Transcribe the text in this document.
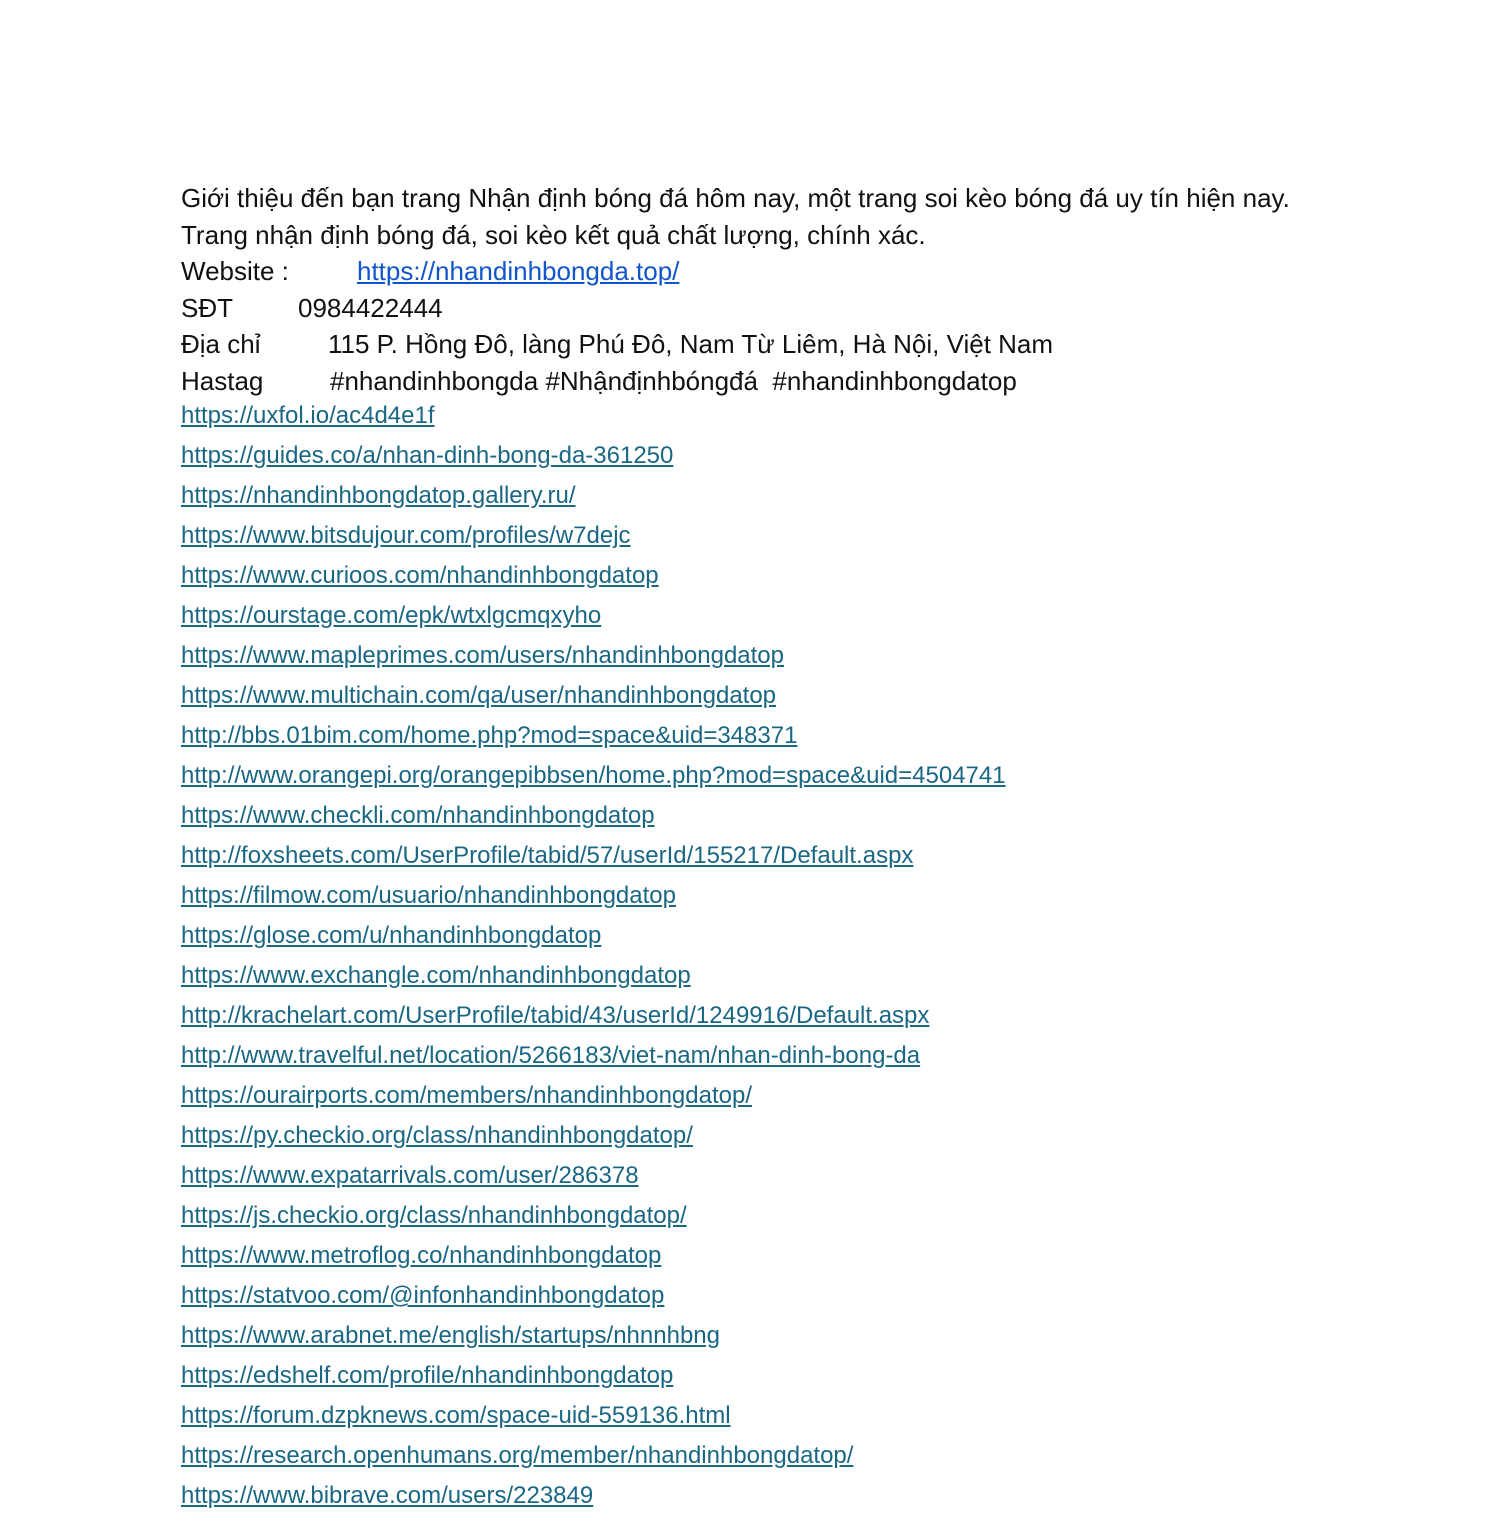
Giới thiệu đến bạn trang Nhận định bóng đá hôm nay, một trang soi kèo bóng đá uy tín hiện nay. Trang nhận định bóng đá, soi kèo kết quả chất lượng, chính xác.
Website :	https://nhandinhbongda.top/
SĐT	0984422444
Địa chỉ	115 P. Hồng Đô, làng Phú Đô, Nam Từ Liêm, Hà Nội, Việt Nam
Hastag	#nhandinhbongda #Nhậnđịnhbóngđá  #nhandinhbongdatop
https://uxfol.io/ac4d4e1f
https://guides.co/a/nhan-dinh-bong-da-361250
https://nhandinhbongdatop.gallery.ru/
https://www.bitsdujour.com/profiles/w7dejc
https://www.curioos.com/nhandinhbongdatop
https://ourstage.com/epk/wtxlgcmqxyho
https://www.mapleprimes.com/users/nhandinhbongdatop
https://www.multichain.com/qa/user/nhandinhbongdatop
http://bbs.01bim.com/home.php?mod=space&uid=348371
http://www.orangepi.org/orangepibbsen/home.php?mod=space&uid=4504741
https://www.checkli.com/nhandinhbongdatop
http://foxsheets.com/UserProfile/tabid/57/userId/155217/Default.aspx
https://filmow.com/usuario/nhandinhbongdatop
https://glose.com/u/nhandinhbongdatop
https://www.exchangle.com/nhandinhbongdatop
http://krachelart.com/UserProfile/tabid/43/userId/1249916/Default.aspx
http://www.travelful.net/location/5266183/viet-nam/nhan-dinh-bong-da
https://ourairports.com/members/nhandinhbongdatop/
https://py.checkio.org/class/nhandinhbongdatop/
https://www.expatarrivals.com/user/286378
https://js.checkio.org/class/nhandinhbongdatop/
https://www.metroflog.co/nhandinhbongdatop
https://statvoo.com/@infonhandinhbongdatop
https://www.arabnet.me/english/startups/nhnnhbng
https://edshelf.com/profile/nhandinhbongdatop
https://forum.dzpknews.com/space-uid-559136.html
https://research.openhumans.org/member/nhandinhbongdatop/
https://www.bibrave.com/users/223849
